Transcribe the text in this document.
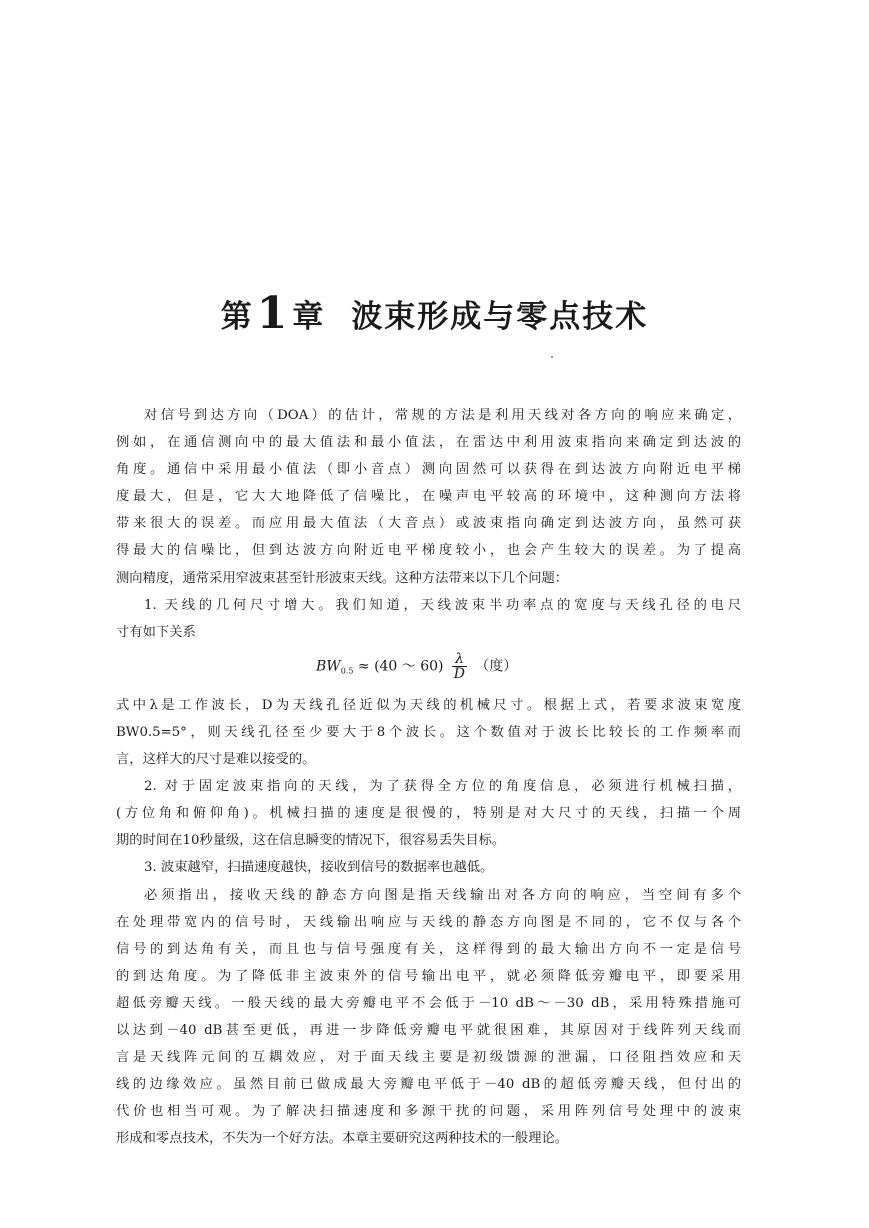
第1章 波束形成与零点技术
对信号到达方向（DOA）的估计，常规的方法是利用天线对各方向的响应来确定，
例如，在通信测向中的最大值法和最小值法，在雷达中利用波束指向来确定到达波的
角度。通信中采用最小值法（即小音点）测向固然可以获得在到达波方向附近电平梯
度最大，但是，它大大地降低了信噪比，在噪声电平较高的环境中，这种测向方法将
带来很大的误差。而应用最大值法（大音点）或波束指向确定到达波方向，虽然可获
得最大的信噪比，但到达波方向附近电平梯度较小，也会产生较大的误差。为了提高
测向精度，通常采用窄波束甚至针形波束天线。这种方法带来以下几个问题：
1. 天线的几何尺寸增大。我们知道，天线波束半功率点的宽度与天线孔径的电尺
寸有如下关系
$BW_{0.5} \approx (40$ ～ $60) \frac{\lambda}{D}$ （度）
式中λ是工作波长，D为天线孔径近似为天线的机械尺寸。根据上式，若要求波束宽度
BW0.5=5°，则天线孔径至少要大于8个波长。这个数值对于波长比较长的工作频率而
言，这样大的尺寸是难以接受的。
2. 对于固定波束指向的天线，为了获得全方位的角度信息，必须进行机械扫描，
(方位角和俯仰角)。机械扫描的速度是很慢的，特别是对大尺寸的天线，扫描一个周
期的时间在10秒量级，这在信息瞬变的情况下，很容易丢失目标。
3. 波束越窄，扫描速度越快，接收到信号的数据率也越低。
必须指出，接收天线的静态方向图是指天线输出对各方向的响应，当空间有多个
在处理带宽内的信号时，天线输出响应与天线的静态方向图是不同的，它不仅与各个
信号的到达角有关，而且也与信号强度有关，这样得到的最大输出方向不一定是信号
的到达角度。为了降低非主波束外的信号输出电平，就必须降低旁瓣电平，即要采用
超低旁瓣天线。一般天线的最大旁瓣电平不会低于－10 dB～－30 dB，采用特殊措施可
以达到－40 dB甚至更低，再进一步降低旁瓣电平就很困难，其原因对于线阵列天线而
言是天线阵元间的互耦效应，对于面天线主要是初级馈源的泄漏，口径阻挡效应和天
线的边缘效应。虽然目前已做成最大旁瓣电平低于－40 dB的超低旁瓣天线，但付出的
代价也相当可观。为了解决扫描速度和多源干扰的问题，采用阵列信号处理中的波束
形成和零点技术，不失为一个好方法。本章主要研究这两种技术的一般理论。
